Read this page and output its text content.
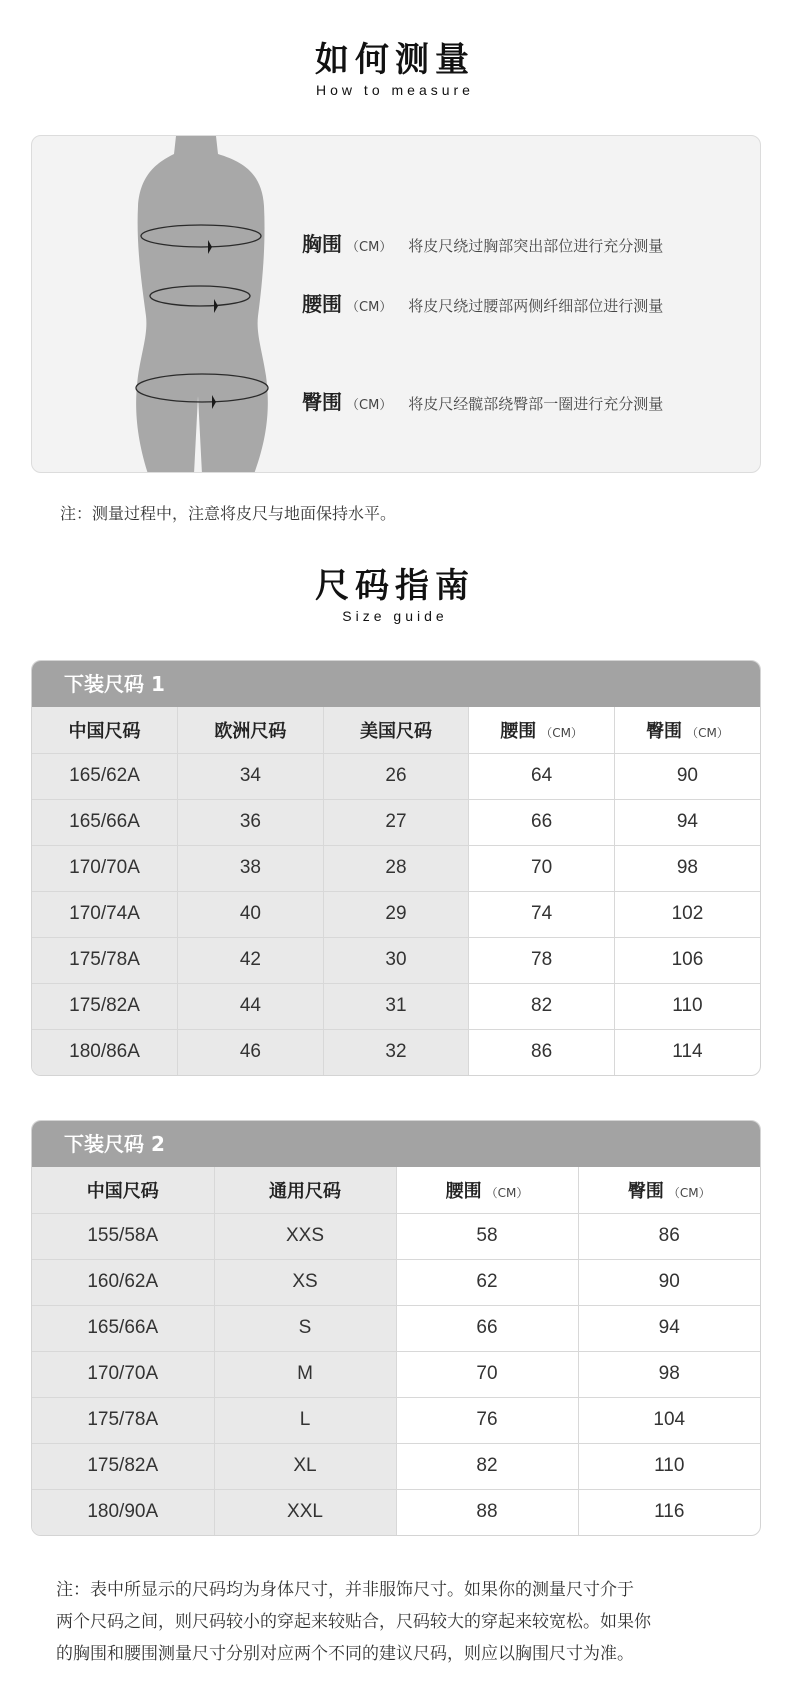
如何测量
How to measure
胸围 （CM） 将皮尺绕过胸部突出部位进行充分测量
腰围 （CM） 将皮尺绕过腰部两侧纤细部位进行测量
臀围 （CM） 将皮尺经髋部绕臀部一圈进行充分测量
注：测量过程中，注意将皮尺与地面保持水平。
尺码指南
Size guide
下装尺码 1
中国尺码	欧洲尺码	美国尺码	腰围 （CM）	臀围 （CM）
165/62A	34	26	64	90
165/66A	36	27	66	94
170/70A	38	28	70	98
170/74A	40	29	74	102
175/78A	42	30	78	106
175/82A	44	31	82	110
180/86A	46	32	86	114
下装尺码 2
中国尺码	通用尺码	腰围 （CM）	臀围 （CM）
155/58A	XXS	58	86
160/62A	XS	62	90
165/66A	S	66	94
170/70A	M	70	98
175/78A	L	76	104
175/82A	XL	82	110
180/90A	XXL	88	116
注：表中所显示的尺码均为身体尺寸，并非服饰尺寸。如果你的测量尺寸介于
两个尺码之间，则尺码较小的穿起来较贴合，尺码较大的穿起来较宽松。如果你
的胸围和腰围测量尺寸分别对应两个不同的建议尺码，则应以胸围尺寸为准。
